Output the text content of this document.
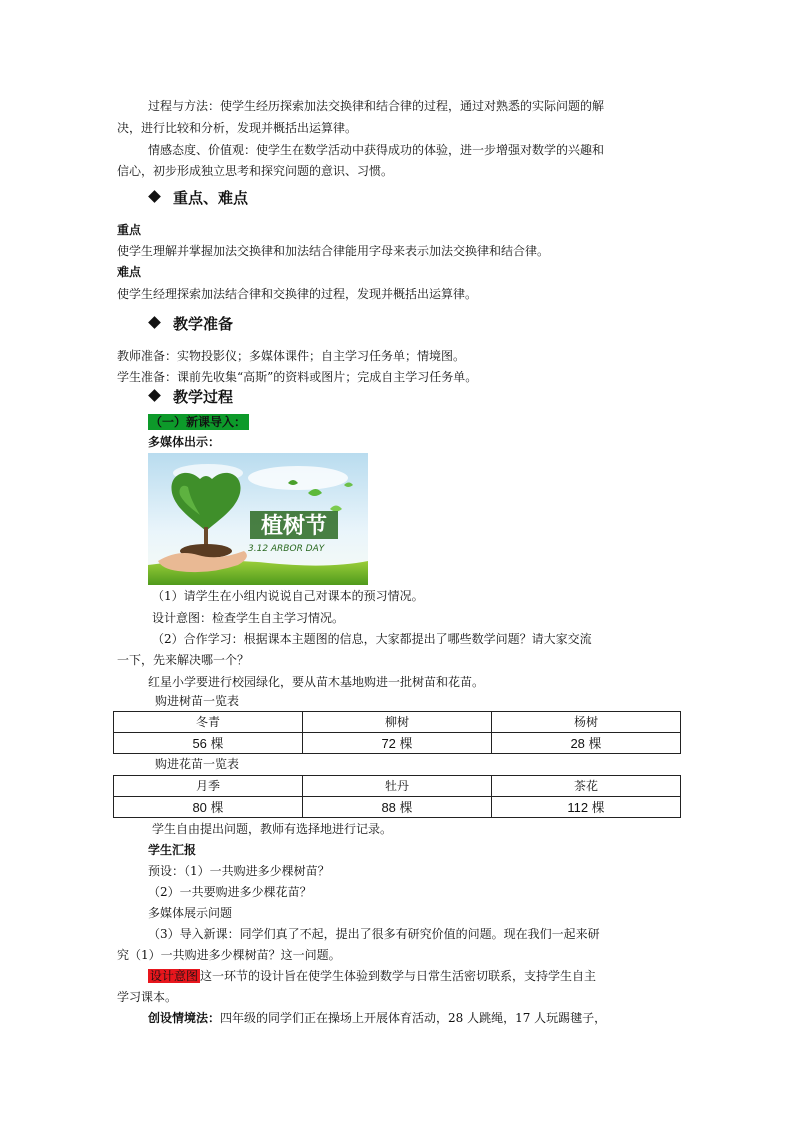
过程与方法：使学生经历探索加法交换律和结合律的过程，通过对熟悉的实际问题的解
决，进行比较和分析，发现并概括出运算律。
情感态度、价值观：使学生在数学活动中获得成功的体验，进一步增强对数学的兴趣和
信心，初步形成独立思考和探究问题的意识、习惯。
重点、难点
重点
使学生理解并掌握加法交换律和加法结合律能用字母来表示加法交换律和结合律。
难点
使学生经理探索加法结合律和交换律的过程，发现并概括出运算律。
教学准备
教师准备：实物投影仪；多媒体课件；自主学习任务单；情境图。
学生准备：课前先收集“高斯”的资料或图片；完成自主学习任务单。
教学过程
（一）新课导入：
多媒体出示：
植树节
3.12 ARBOR DAY
（1）请学生在小组内说说自己对课本的预习情况。
设计意图：检查学生自主学习情况。
（2）合作学习：根据课本主题图的信息，大家都提出了哪些数学问题？请大家交流
一下，先来解决哪一个？
红星小学要进行校园绿化，要从苗木基地购进一批树苗和花苗。
购进树苗一览表
冬青	柳树	杨树
56 棵	72 棵	28 棵
购进花苗一览表
月季	牡丹	茶花
80 棵	88 棵	112 棵
学生自由提出问题，教师有选择地进行记录。
学生汇报
预设：（1）一共购进多少棵树苗？
（2）一共要购进多少棵花苗？
多媒体展示问题
（3）导入新课：同学们真了不起，提出了很多有研究价值的问题。现在我们一起来研
究（1）一共购进多少棵树苗？这一问题。
设计意图 这一环节的设计旨在使学生体验到数学与日常生活密切联系，支持学生自主
学习课本。
创设情境法：四年级的同学们正在操场上开展体育活动，28 人跳绳，17 人玩踢毽子，
